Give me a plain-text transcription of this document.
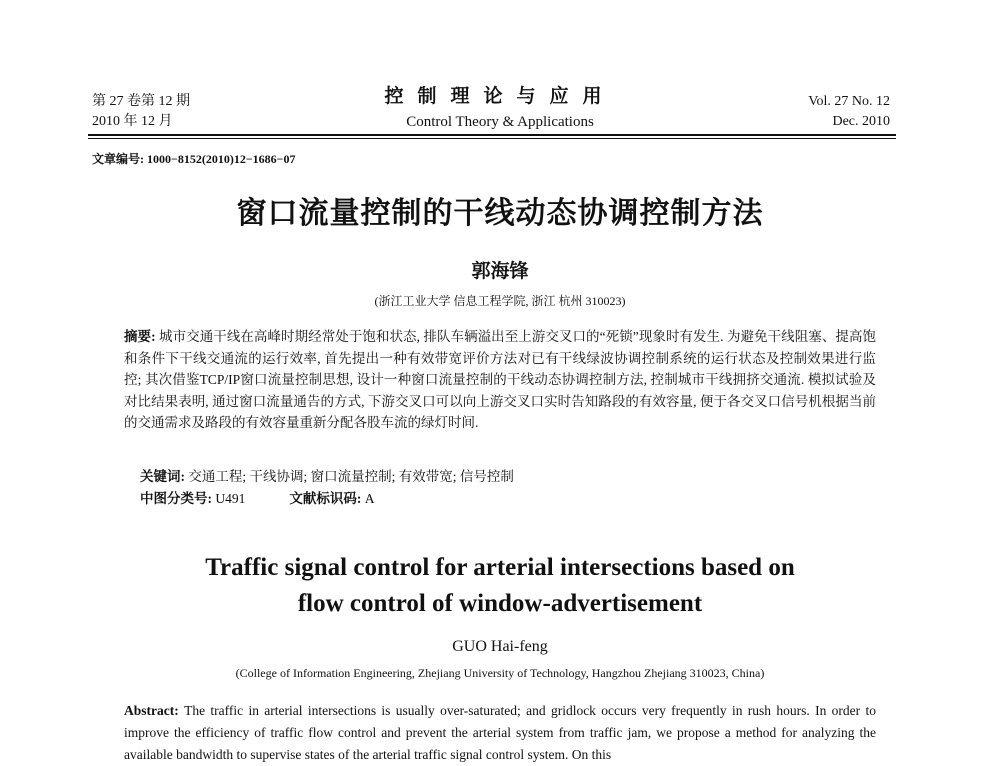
第 27 卷第 12 期
2010 年 12 月
控制理论与应用
Control Theory & Applications
Vol. 27 No. 12
Dec. 2010
文章编号: 1000−8152(2010)12−1686−07
窗口流量控制的干线动态协调控制方法
郭海锋
(浙江工业大学 信息工程学院, 浙江 杭州 310023)
摘要: 城市交通干线在高峰时期经常处于饱和状态, 排队车辆溢出至上游交叉口的“死锁”现象时有发生. 为避免干线阻塞、提高饱和条件下干线交通流的运行效率, 首先提出一种有效带宽评价方法对已有干线绿波协调控制系统的运行状态及控制效果进行监控; 其次借鉴TCP/IP窗口流量控制思想, 设计一种窗口流量控制的干线动态协调控制方法, 控制城市干线拥挤交通流. 模拟试验及对比结果表明, 通过窗口流量通告的方式, 下游交叉口可以向上游交叉口实时告知路段的有效容量, 便于各交叉口信号机根据当前的交通需求及路段的有效容量重新分配各股车流的绿灯时间.
关键词: 交通工程; 干线协调; 窗口流量控制; 有效带宽; 信号控制
中图分类号: U491	文献标识码: A
Traffic signal control for arterial intersections based on
flow control of window-advertisement
GUO Hai-feng
(College of Information Engineering, Zhejiang University of Technology, Hangzhou Zhejiang 310023, China)
Abstract: The traffic in arterial intersections is usually over-saturated; and gridlock occurs very frequently in rush hours. In order to improve the efficiency of traffic flow control and prevent the arterial system from traffic jam, we propose a method for analyzing the available bandwidth to supervise states of the arterial traffic signal control system. On this
